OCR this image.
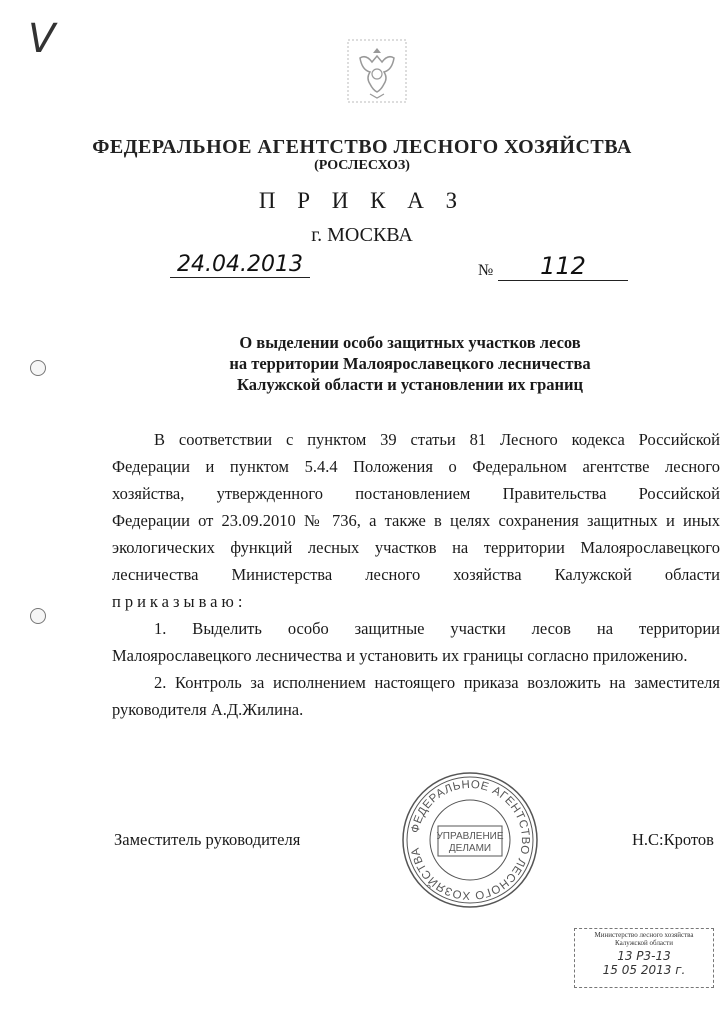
V
ФЕДЕРАЛЬНОЕ АГЕНТСТВО ЛЕСНОГО ХОЗЯЙСТВА
(РОСЛЕСХОЗ)
П Р И К А З
г. МОСКВА
24.04.2013	№	112
О выделении особо защитных участков лесов
на территории Малоярославецкого лесничества
Калужской области и установлении их границ
В соответствии с пунктом 39 статьи 81 Лесного кодекса Российской
Федерации и пунктом 5.4.4 Положения о Федеральном агентстве лесного
хозяйства, утвержденного постановлением Правительства Российской
Федерации от 23.09.2010 № 736, а также в целях сохранения защитных и иных
экологических функций лесных участков на территории Малоярославецкого
лесничества Министерства лесного хозяйства Калужской области
приказываю:
1. Выделить особо защитные участки лесов на территории
Малоярославецкого лесничества и установить их границы согласно приложению.
2. Контроль за исполнением настоящего приказа возложить на заместителя
руководителя А.Д.Жилина.
Заместитель руководителя	Н.С:Кротов
ФЕДЕРАЛЬНОЕ АГЕНТСТВО ЛЕСНОГО ХОЗЯЙСТВА
УПРАВЛЕНИЕ
ДЕЛАМИ
Министерство лесного хозяйства
Калужской области
13 Р3-13
15 05 2013 г.
